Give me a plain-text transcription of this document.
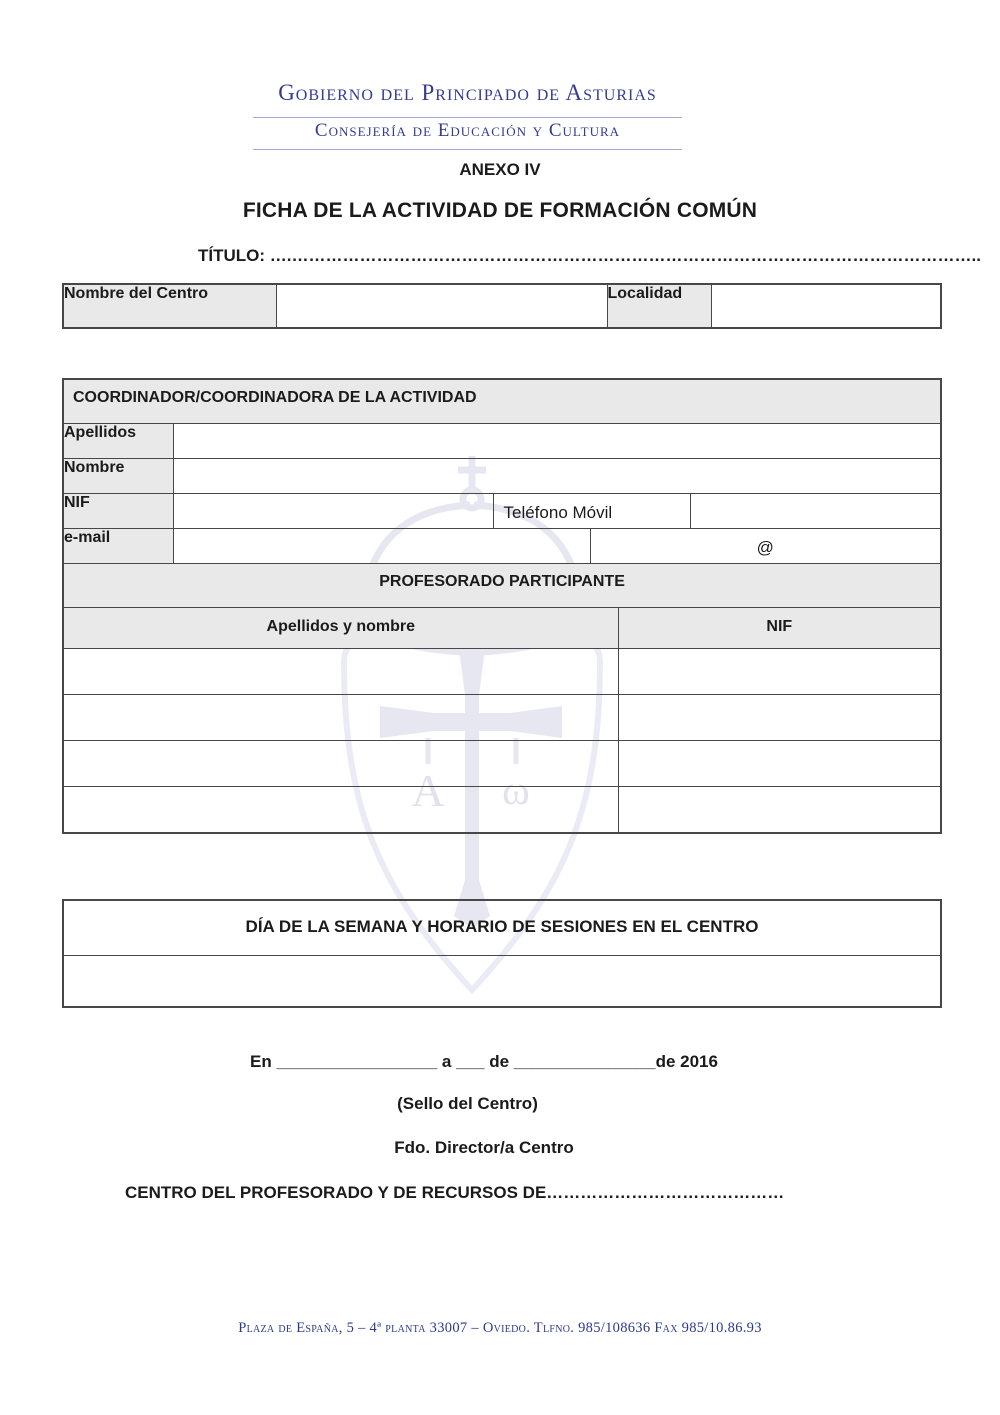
Α ω
Gobierno del Principado de Asturias
Consejería de Educación y Cultura
ANEXO IV
FICHA DE LA ACTIVIDAD DE FORMACIÓN COMÚN
TÍTULO: ….…………………………………………………………………………………………………………..
Nombre del Centro		Localidad	
COORDINADOR/COORDINADORA DE LA ACTIVIDAD					
Apellidos					
Nombre					
NIF		Teléfono Móvil			
e-mail			@		
PROFESORADO PARTICIPANTE					
Apellidos y nombre				NIF	

DÍA DE LA SEMANA Y HORARIO DE SESIONES EN EL CENTRO

En _________________ a ___ de _______________de 2016
(Sello del Centro)
Fdo. Director/a Centro
CENTRO DEL PROFESORADO Y DE RECURSOS DE……………………………………
Plaza de España, 5 – 4ª planta 33007 – Oviedo. Tlfno. 985/108636 Fax 985/10.86.93
